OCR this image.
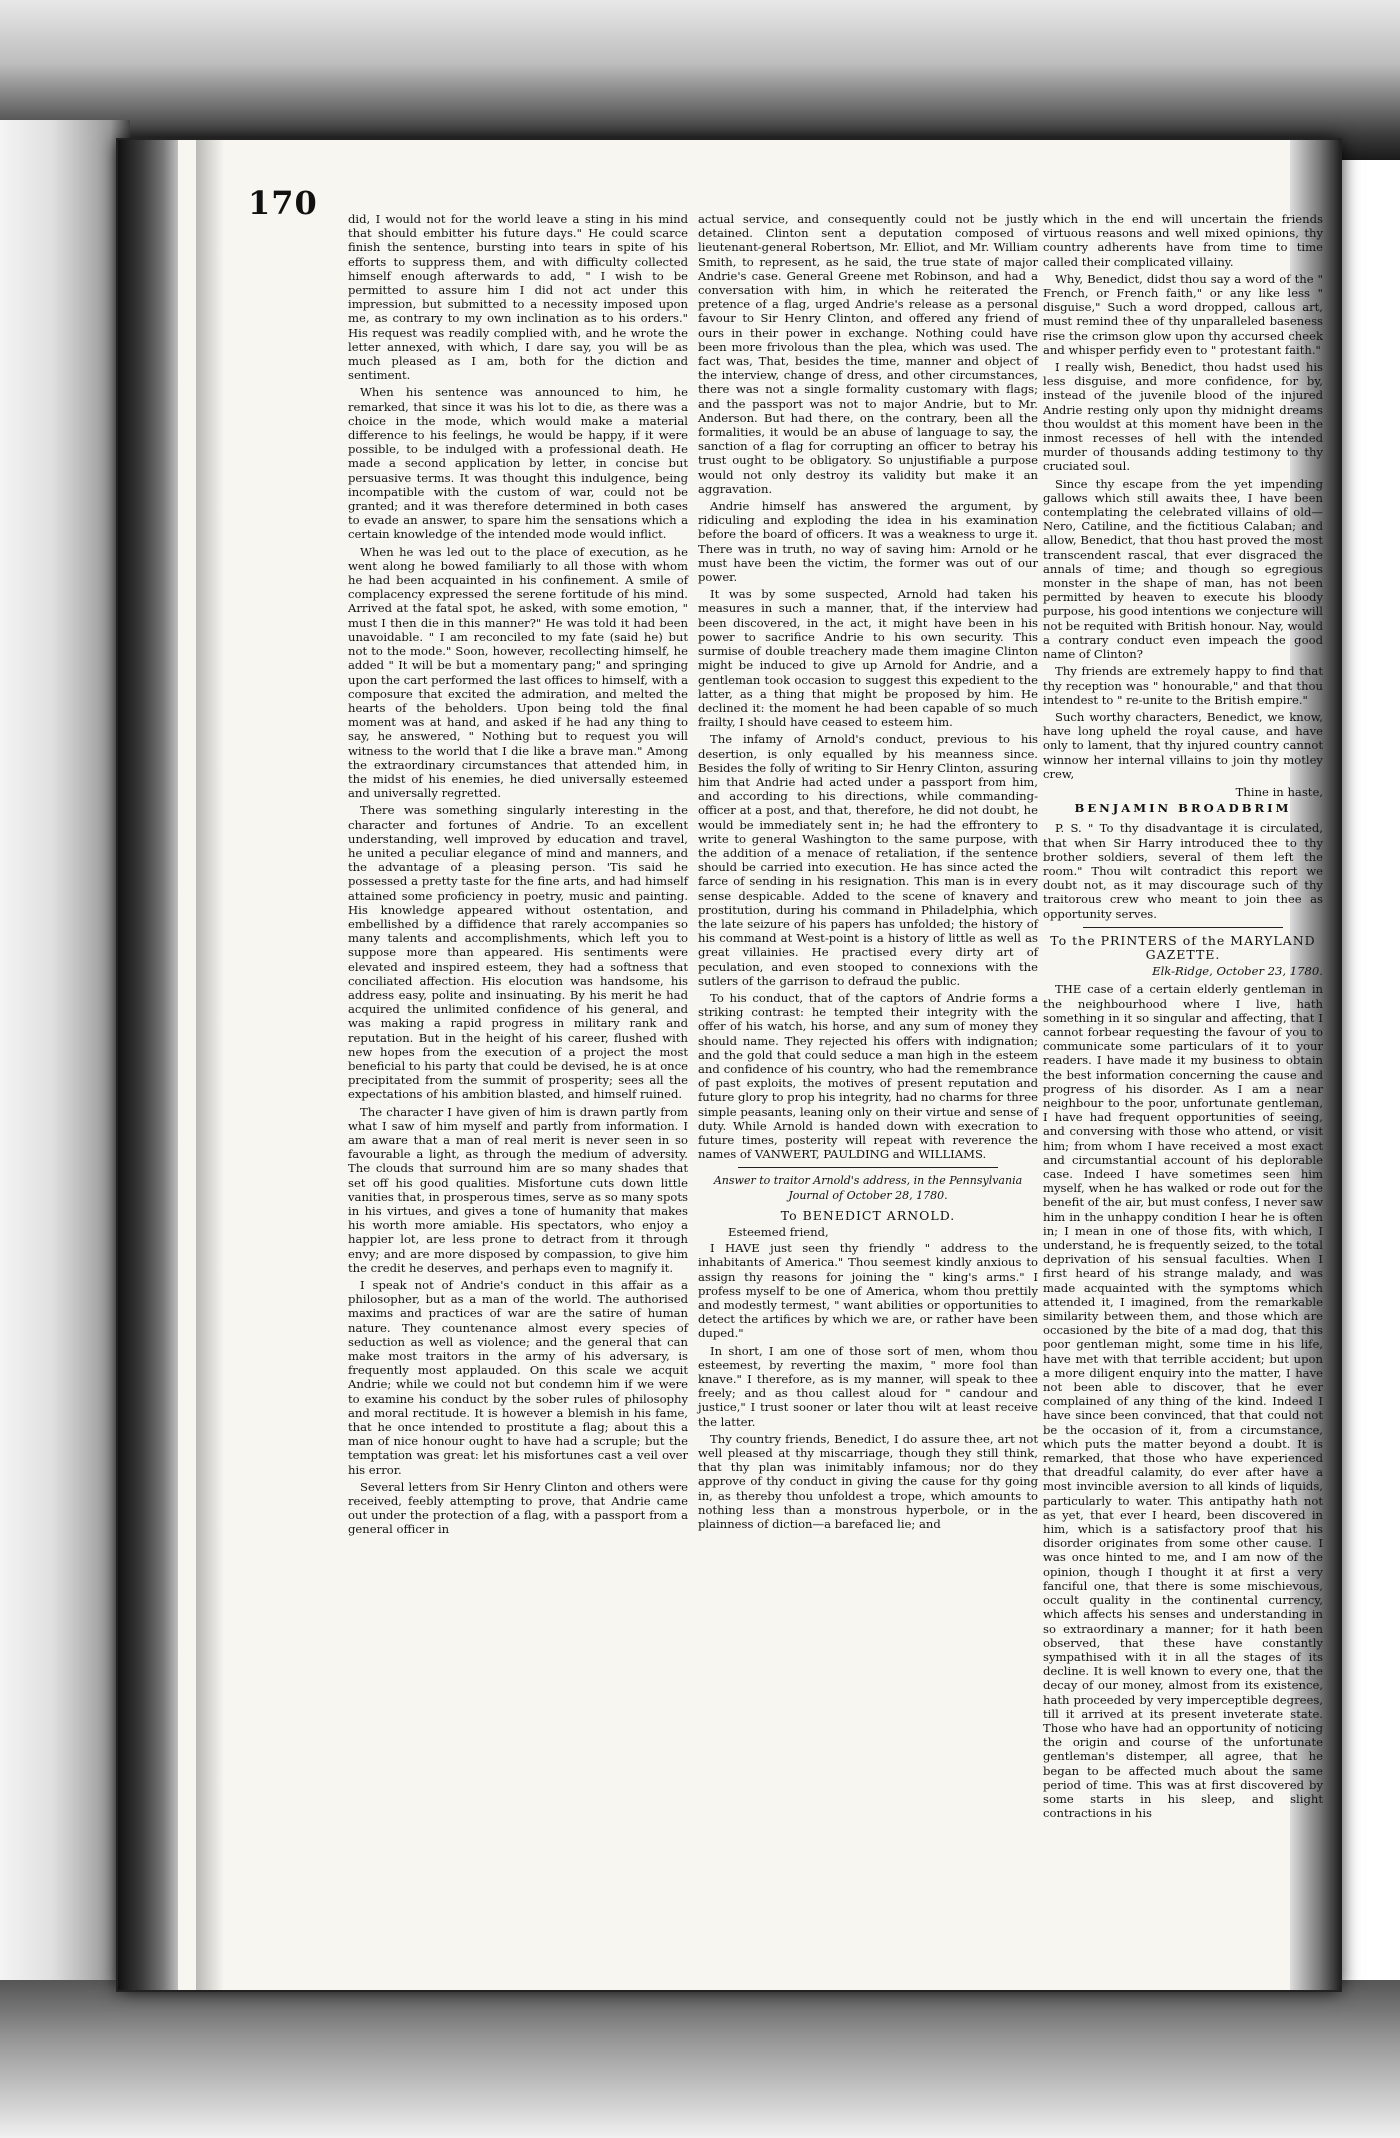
170	did, I would not for the world leave a sting in his mind that should embitter his future days." He could scarce finish the sentence, bursting into tears in spite of his efforts to suppress them, and with difficulty collected himself enough afterwards to add, " I wish to be permitted to assure him I did not act under this impression, but submitted to a necessity imposed upon me, as contrary to my own inclination as to his orders." His request was readily complied with, and he wrote the letter annexed, with which, I dare say, you will be as much pleased as I am, both for the diction and sentiment.

When his sentence was announced to him, he remarked, that since it was his lot to die, as there was a choice in the mode, which would make a material difference to his feelings, he would be happy, if it were possible, to be indulged with a professional death. He made a second application by letter, in concise but persuasive terms. It was thought this indulgence, being incompatible with the custom of war, could not be granted; and it was therefore determined in both cases to evade an answer, to spare him the sensations which a certain knowledge of the intended mode would inflict.

When he was led out to the place of execution, as he went along he bowed familiarly to all those with whom he had been acquainted in his confinement. A smile of complacency expressed the serene fortitude of his mind. Arrived at the fatal spot, he asked, with some emotion, " must I then die in this manner?" He was told it had been unavoidable. " I am reconciled to my fate (said he) but not to the mode." Soon, however, recollecting himself, he added " It will be but a momentary pang;" and springing upon the cart performed the last offices to himself, with a composure that excited the admiration, and melted the hearts of the beholders. Upon being told the final moment was at hand, and asked if he had any thing to say, he answered, " Nothing but to request you will witness to the world that I die like a brave man." Among the extraordinary circumstances that attended him, in the midst of his enemies, he died universally esteemed and universally regretted.

There was something singularly interesting in the character and fortunes of Andrie. To an excellent understanding, well improved by education and travel, he united a peculiar elegance of mind and manners, and the advantage of a pleasing person. 'Tis said he possessed a pretty taste for the fine arts, and had himself attained some proficiency in poetry, music and painting. His knowledge appeared without ostentation, and embellished by a diffidence that rarely accompanies so many talents and accomplishments, which left you to suppose more than appeared. His sentiments were elevated and inspired esteem, they had a softness that conciliated affection. His elocution was handsome, his address easy, polite and insinuating. By his merit he had acquired the unlimited confidence of his general, and was making a rapid progress in military rank and reputation. But in the height of his career, flushed with new hopes from the execution of a project the most beneficial to his party that could be devised, he is at once precipitated from the summit of prosperity; sees all the expectations of his ambition blasted, and himself ruined.

The character I have given of him is drawn partly from what I saw of him myself and partly from information. I am aware that a man of real merit is never seen in so favourable a light, as through the medium of adversity. The clouds that surround him are so many shades that set off his good qualities. Misfortune cuts down little vanities that, in prosperous times, serve as so many spots in his virtues, and gives a tone of humanity that makes his worth more amiable. His spectators, who enjoy a happier lot, are less prone to detract from it through envy; and are more disposed by compassion, to give him the credit he deserves, and perhaps even to magnify it.

I speak not of Andrie's conduct in this affair as a philosopher, but as a man of the world. The authorised maxims and practices of war are the satire of human nature. They countenance almost every species of seduction as well as violence; and the general that can make most traitors in the army of his adversary, is frequently most applauded. On this scale we acquit Andrie; while we could not but condemn him if we were to examine his conduct by the sober rules of philosophy and moral rectitude. It is however a blemish in his fame, that he once intended to prostitute a flag; about this a man of nice honour ought to have had a scruple; but the temptation was great: let his misfortunes cast a veil over his error.

Several letters from Sir Henry Clinton and others were received, feebly attempting to prove, that Andrie came out under the protection of a flag, with a passport from a general officer in

actual service, and consequently could not be justly detained. Clinton sent a deputation composed of lieutenant-general Robertson, Mr. Elliot, and Mr. William Smith, to represent, as he said, the true state of major Andrie's case. General Greene met Robinson, and had a conversation with him, in which he reiterated the pretence of a flag, urged Andrie's release as a personal favour to Sir Henry Clinton, and offered any friend of ours in their power in exchange. Nothing could have been more frivolous than the plea, which was used. The fact was, That, besides the time, manner and object of the interview, change of dress, and other circumstances, there was not a single formality customary with flags; and the passport was not to major Andrie, but to Mr. Anderson. But had there, on the contrary, been all the formalities, it would be an abuse of language to say, the sanction of a flag for corrupting an officer to betray his trust ought to be obligatory. So unjustifiable a purpose would not only destroy its validity but make it an aggravation.

Andrie himself has answered the argument, by ridiculing and exploding the idea in his examination before the board of officers. It was a weakness to urge it. There was in truth, no way of saving him: Arnold or he must have been the victim, the former was out of our power.

It was by some suspected, Arnold had taken his measures in such a manner, that, if the interview had been discovered, in the act, it might have been in his power to sacrifice Andrie to his own security. This surmise of double treachery made them imagine Clinton might be induced to give up Arnold for Andrie, and a gentleman took occasion to suggest this expedient to the latter, as a thing that might be proposed by him. He declined it: the moment he had been capable of so much frailty, I should have ceased to esteem him.

The infamy of Arnold's conduct, previous to his desertion, is only equalled by his meanness since. Besides the folly of writing to Sir Henry Clinton, assuring him that Andrie had acted under a passport from him, and according to his directions, while commanding-officer at a post, and that, therefore, he did not doubt, he would be immediately sent in; he had the effrontery to write to general Washington to the same purpose, with the addition of a menace of retaliation, if the sentence should be carried into execution. He has since acted the farce of sending in his resignation. This man is in every sense despicable. Added to the scene of knavery and prostitution, during his command in Philadelphia, which the late seizure of his papers has unfolded; the history of his command at West-point is a history of little as well as great villainies. He practised every dirty art of peculation, and even stooped to connexions with the sutlers of the garrison to defraud the public.

To his conduct, that of the captors of Andrie forms a striking contrast: he tempted their integrity with the offer of his watch, his horse, and any sum of money they should name. They rejected his offers with indignation; and the gold that could seduce a man high in the esteem and confidence of his country, who had the remembrance of past exploits, the motives of present reputation and future glory to prop his integrity, had no charms for three simple peasants, leaning only on their virtue and sense of duty. While Arnold is handed down with execration to future times, posterity will repeat with reverence the names of VANWERT, PAULDING and WILLIAMS.

Answer to traitor Arnold's address, in the Pennsylvania Journal of October 28, 1780.
To BENEDICT ARNOLD.
Esteemed friend,

I HAVE just seen thy friendly " address to the inhabitants of America." Thou seemest kindly anxious to assign thy reasons for joining the " king's arms." I profess myself to be one of America, whom thou prettily and modestly termest, " want abilities or opportunities to detect the artifices by which we are, or rather have been duped."

In short, I am one of those sort of men, whom thou esteemest, by reverting the maxim, " more fool than knave." I therefore, as is my manner, will speak to thee freely; and as thou callest aloud for " candour and justice," I trust sooner or later thou wilt at least receive the latter.

Thy country friends, Benedict, I do assure thee, art not well pleased at thy miscarriage, though they still think, that thy plan was inimitably infamous; nor do they approve of thy conduct in giving the cause for thy going in, as thereby thou unfoldest a trope, which amounts to nothing less than a monstrous hyperbole, or in the plainness of diction—a barefaced lie; and

which in the end will uncertain the friends virtuous reasons and well mixed opinions, thy country adherents have from time to time called their complicated villainy.

Why, Benedict, didst thou say a word of the " French, or French faith," or any like less " disguise," Such a word dropped, callous art, must remind thee of thy unparalleled baseness rise the crimson glow upon thy accursed cheek and whisper perfidy even to " protestant faith."

I really wish, Benedict, thou hadst used his less disguise, and more confidence, for by, instead of the juvenile blood of the injured Andrie resting only upon thy midnight dreams thou wouldst at this moment have been in the inmost recesses of hell with the intended murder of thousands adding testimony to thy cruciated soul.

Since thy escape from the yet impending gallows which still awaits thee, I have been contemplating the celebrated villains of old—Nero, Catiline, and the fictitious Calaban; and allow, Benedict, that thou hast proved the most transcendent rascal, that ever disgraced the annals of time; and though so egregious monster in the shape of man, has not been permitted by heaven to execute his bloody purpose, his good intentions we conjecture will not be requited with British honour. Nay, would a contrary conduct even impeach the good name of Clinton?

Thy friends are extremely happy to find that thy reception was " honourable," and that thou intendest to " re-unite to the British empire."

Such worthy characters, Benedict, we know, have long upheld the royal cause, and have only to lament, that thy injured country cannot winnow her internal villains to join thy motley crew,

Thine in haste,
BENJAMIN BROADBRIM

P. S. " To thy disadvantage it is circulated, that when Sir Harry introduced thee to thy brother soldiers, several of them left the room." Thou wilt contradict this report we doubt not, as it may discourage such of thy traitorous crew who meant to join thee as opportunity serves.

To the PRINTERS of the MARYLAND GAZETTE.
Elk-Ridge, October 23, 1780.

THE case of a certain elderly gentleman in the neighbourhood where I live, hath something in it so singular and affecting, that I cannot forbear requesting the favour of you to communicate some particulars of it to your readers. I have made it my business to obtain the best information concerning the cause and progress of his disorder. As I am a near neighbour to the poor, unfortunate gentleman, I have had frequent opportunities of seeing, and conversing with those who attend, or visit him; from whom I have received a most exact and circumstantial account of his deplorable case. Indeed I have sometimes seen him myself, when he has walked or rode out for the benefit of the air, but must confess, I never saw him in the unhappy condition I hear he is often in; I mean in one of those fits, with which, I understand, he is frequently seized, to the total deprivation of his sensual faculties. When I first heard of his strange malady, and was made acquainted with the symptoms which attended it, I imagined, from the remarkable similarity between them, and those which are occasioned by the bite of a mad dog, that this poor gentleman might, some time in his life, have met with that terrible accident; but upon a more diligent enquiry into the matter, I have not been able to discover, that he ever complained of any thing of the kind. Indeed I have since been convinced, that that could not be the occasion of it, from a circumstance, which puts the matter beyond a doubt. It is remarked, that those who have experienced that dreadful calamity, do ever after have a most invincible aversion to all kinds of liquids, particularly to water. This antipathy hath not as yet, that ever I heard, been discovered in him, which is a satisfactory proof that his disorder originates from some other cause. I was once hinted to me, and I am now of the opinion, though I thought it at first a very fanciful one, that there is some mischievous, occult quality in the continental currency, which affects his senses and understanding in so extraordinary a manner; for it hath been observed, that these have constantly sympathised with it in all the stages of its decline. It is well known to every one, that the decay of our money, almost from its existence, hath proceeded by very imperceptible degrees, till it arrived at its present inveterate state. Those who have had an opportunity of noticing the origin and course of the unfortunate gentleman's distemper, all agree, that he began to be affected much about the same period of time. This was at first discovered by some starts in his sleep, and slight contractions in his
